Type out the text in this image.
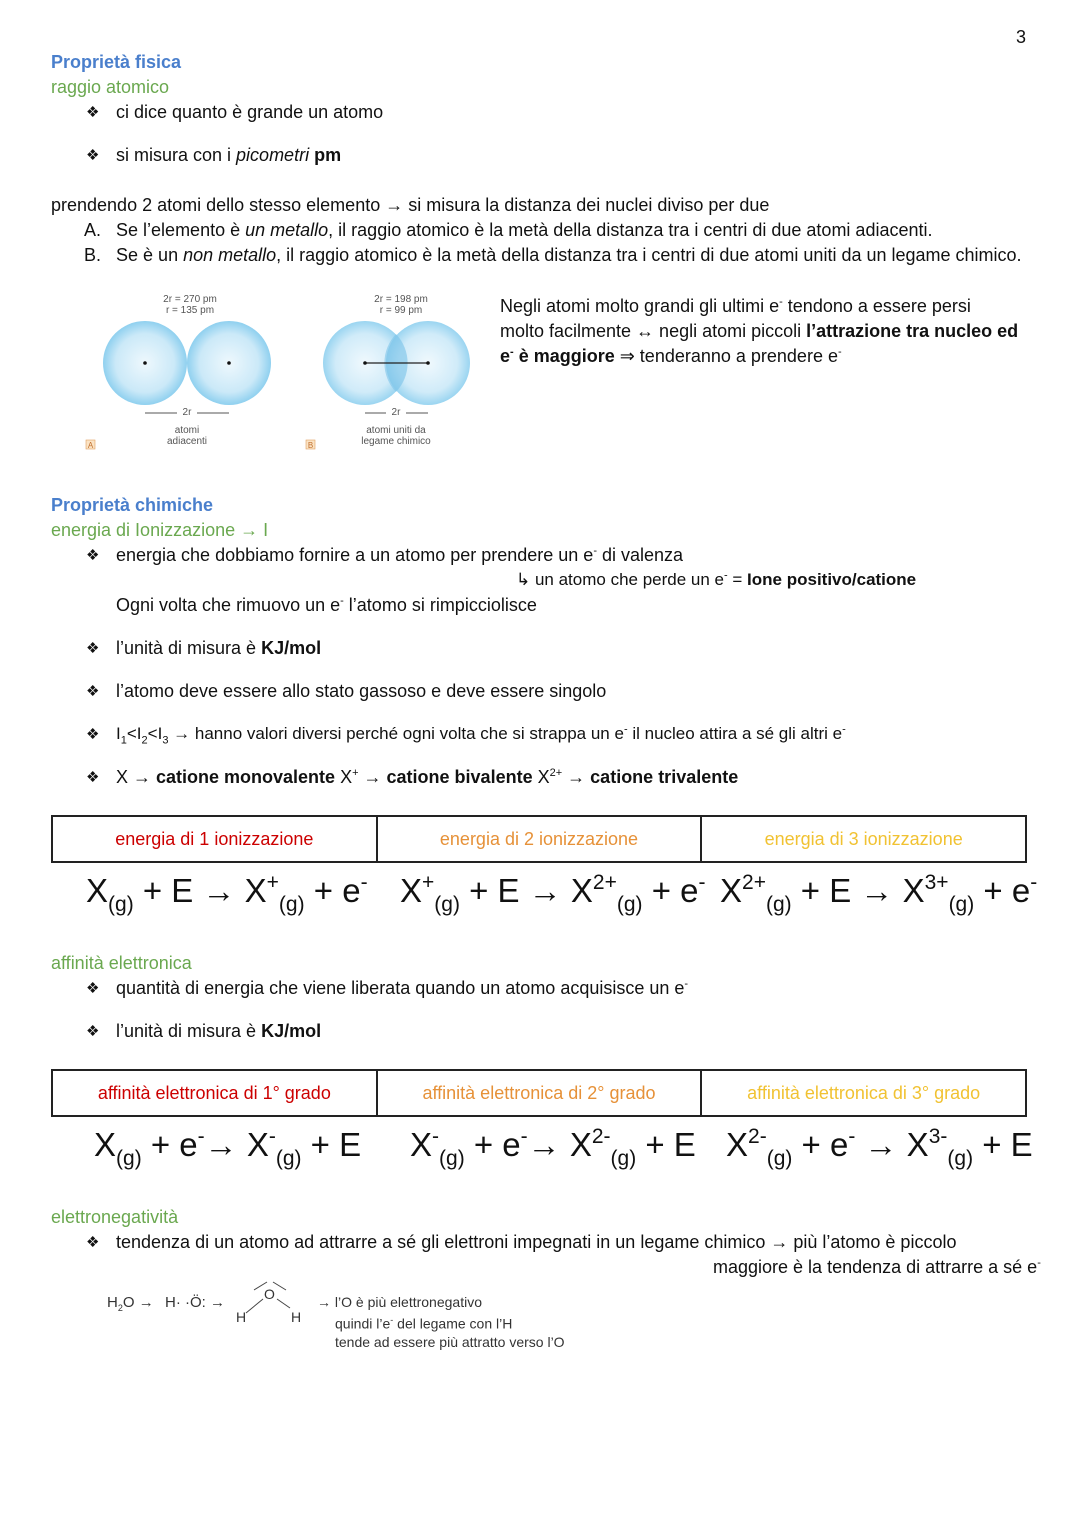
3
Proprietà fisica
raggio atomico
❖ ci dice quanto è grande un atomo
❖ si misura con i picometri pm
prendendo 2 atomi dello stesso elemento → si misura la distanza dei nuclei diviso per due
A. Se l’elemento è un metallo, il raggio atomico è la metà della distanza tra i centri di due atomi adiacenti.
B. Se è un non metallo, il raggio atomico è la metà della distanza tra i centri di due atomi uniti da un legame chimico.
2r = 270 pm
r = 135 pm
2r = 198 pm
r = 99 pm
2r	2r
atomi
adiacenti
atomi uniti da
legame chimico
A	B
Negli atomi molto grandi gli ultimi e- tendono a essere persi
molto facilmente ↔ negli atomi piccoli l’attrazione tra nucleo ed
e- è maggiore ⇒ tenderanno a prendere e-
Proprietà chimiche
energia di Ionizzazione → I
❖ energia che dobbiamo fornire a un atomo per prendere un e- di valenza
↳ un atomo che perde un e- = Ione positivo/catione
Ogni volta che rimuovo un e- l’atomo si rimpicciolisce
❖ l’unità di misura è KJ/mol
❖ l’atomo deve essere allo stato gassoso e deve essere singolo
❖ $I_1<I_2<I_3$ → hanno valori diversi perché ogni volta che si strappa un e- il nucleo attira a sé gli altri e-
❖ X → catione monovalente X+ → catione bivalente $X^{2+}$ → catione trivalente
energia di 1 ionizzazione	energia di 2 ionizzazione	energia di 3 ionizzazione
$X_{(g)} + E \to X^+_{(g)} + e^-$ $X^+_{(g)} + E \to X^{2+}_{(g)} + e^-$ $X^{2+}_{(g)} + E \to X^{3+}_{(g)} + e^-$
affinità elettronica
❖ quantità di energia che viene liberata quando un atomo acquisisce un e-
❖ l’unità di misura è KJ/mol
affinità elettronica di 1° grado	affinità elettronica di 2° grado	affinità elettronica di 3° grado
$X_{(g)} + e^-\to X^-_{(g)} + E$ $X^-_{(g)} + e^-\to X^{2-}_{(g)} + E$ $X^{2-}_{(g)} + e^- \to X^{3-}_{(g)} + E$
elettronegatività
❖ tendenza di un atomo ad attrarre a sé gli elettroni impegnati in un legame chimico → più l’atomo è piccolo
maggiore è la tendenza di attrarre a sé e-
$H_2O \to H\cdot$ ·Ö: →	O
H	H
→ l’O è più elettronegativo
quindi l’e- del legame con l’H
tende ad essere più attratto verso l’O
